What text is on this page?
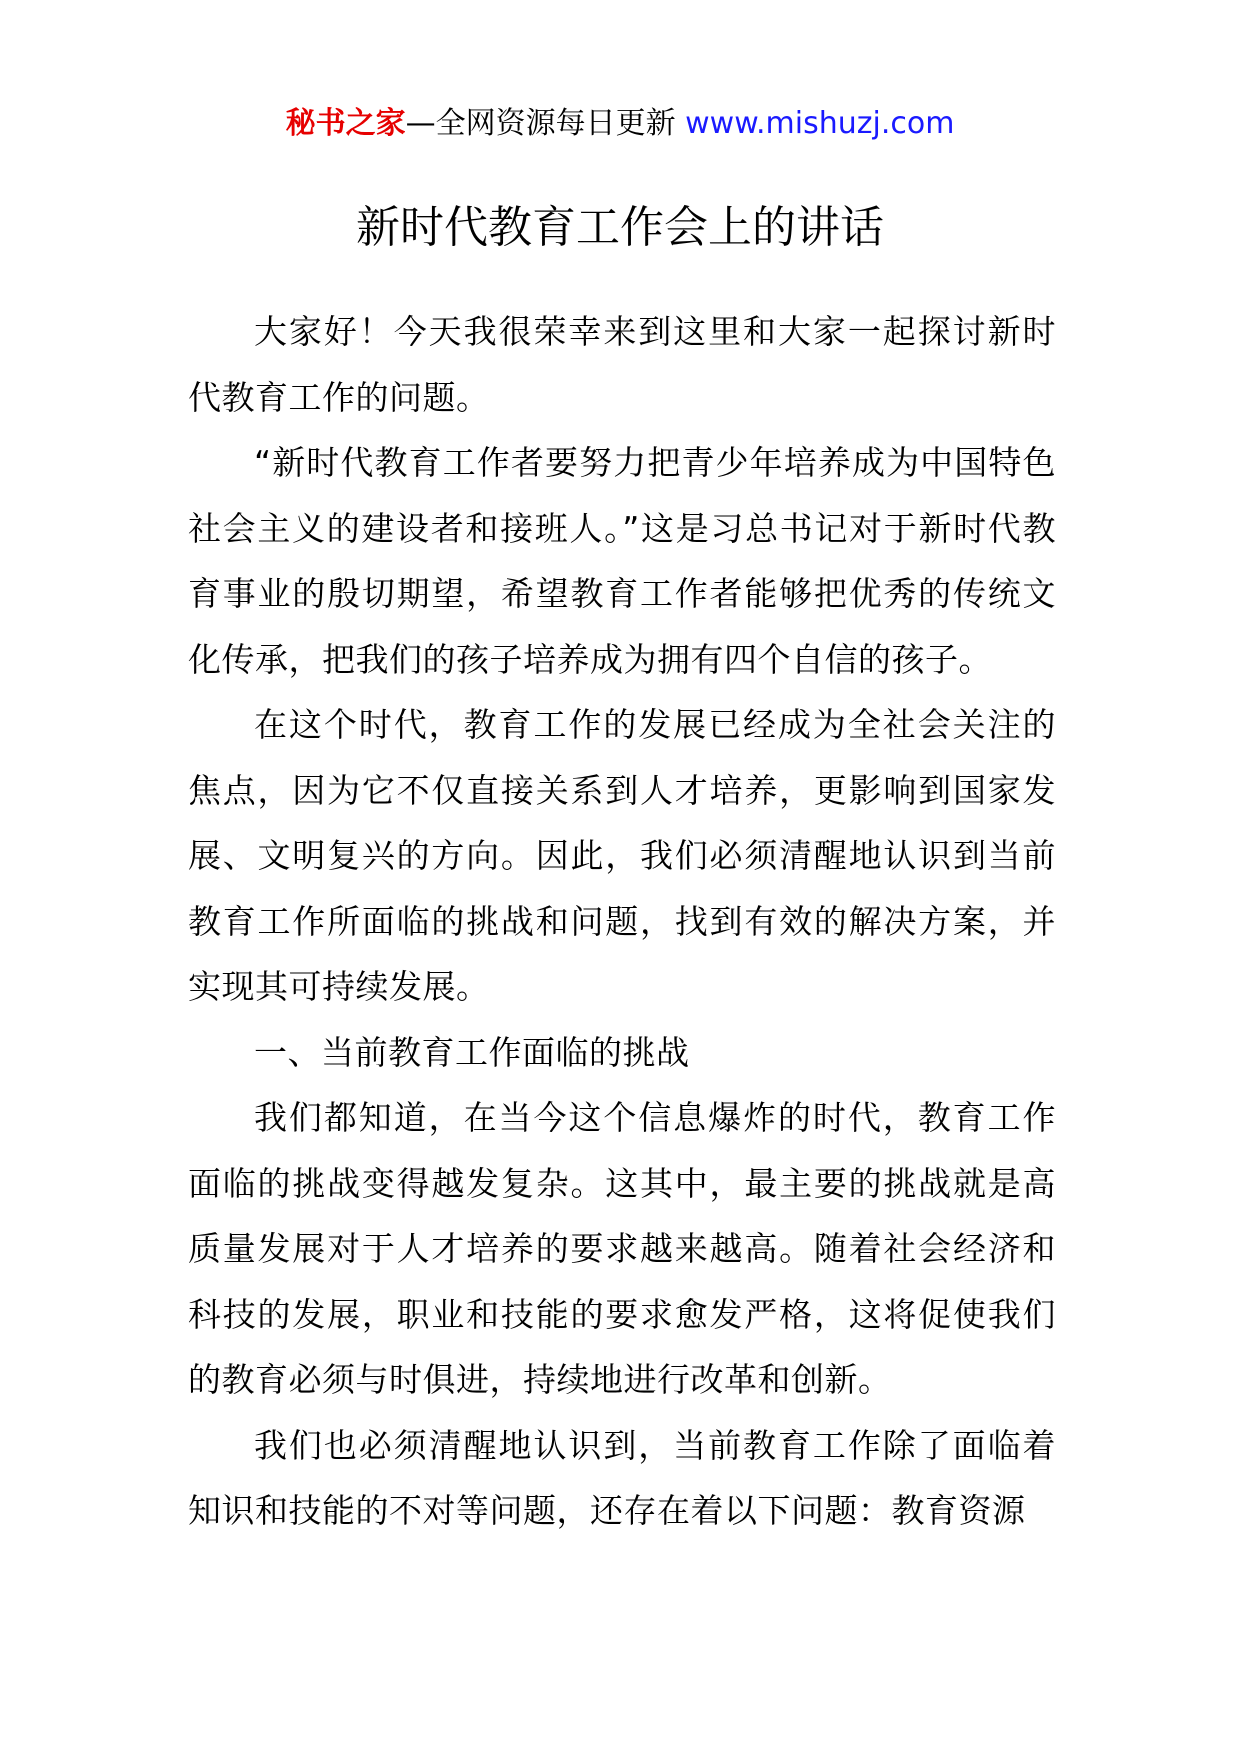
秘书之家—全网资源每日更新 www.mishuzj.com
新时代教育工作会上的讲话

大家好！今天我很荣幸来到这里和大家一起探讨新时代教育工作的问题。

“新时代教育工作者要努力把青少年培养成为中国特色社会主义的建设者和接班人。”这是习总书记对于新时代教育事业的殷切期望，希望教育工作者能够把优秀的传统文化传承，把我们的孩子培养成为拥有四个自信的孩子。

在这个时代，教育工作的发展已经成为全社会关注的焦点，因为它不仅直接关系到人才培养，更影响到国家发展、文明复兴的方向。因此，我们必须清醒地认识到当前教育工作所面临的挑战和问题，找到有效的解决方案，并实现其可持续发展。

一、当前教育工作面临的挑战

我们都知道，在当今这个信息爆炸的时代，教育工作面临的挑战变得越发复杂。这其中，最主要的挑战就是高质量发展对于人才培养的要求越来越高。随着社会经济和科技的发展，职业和技能的要求愈发严格，这将促使我们的教育必须与时俱进，持续地进行改革和创新。

我们也必须清醒地认识到，当前教育工作除了面临着知识和技能的不对等问题，还存在着以下问题：教育资源
